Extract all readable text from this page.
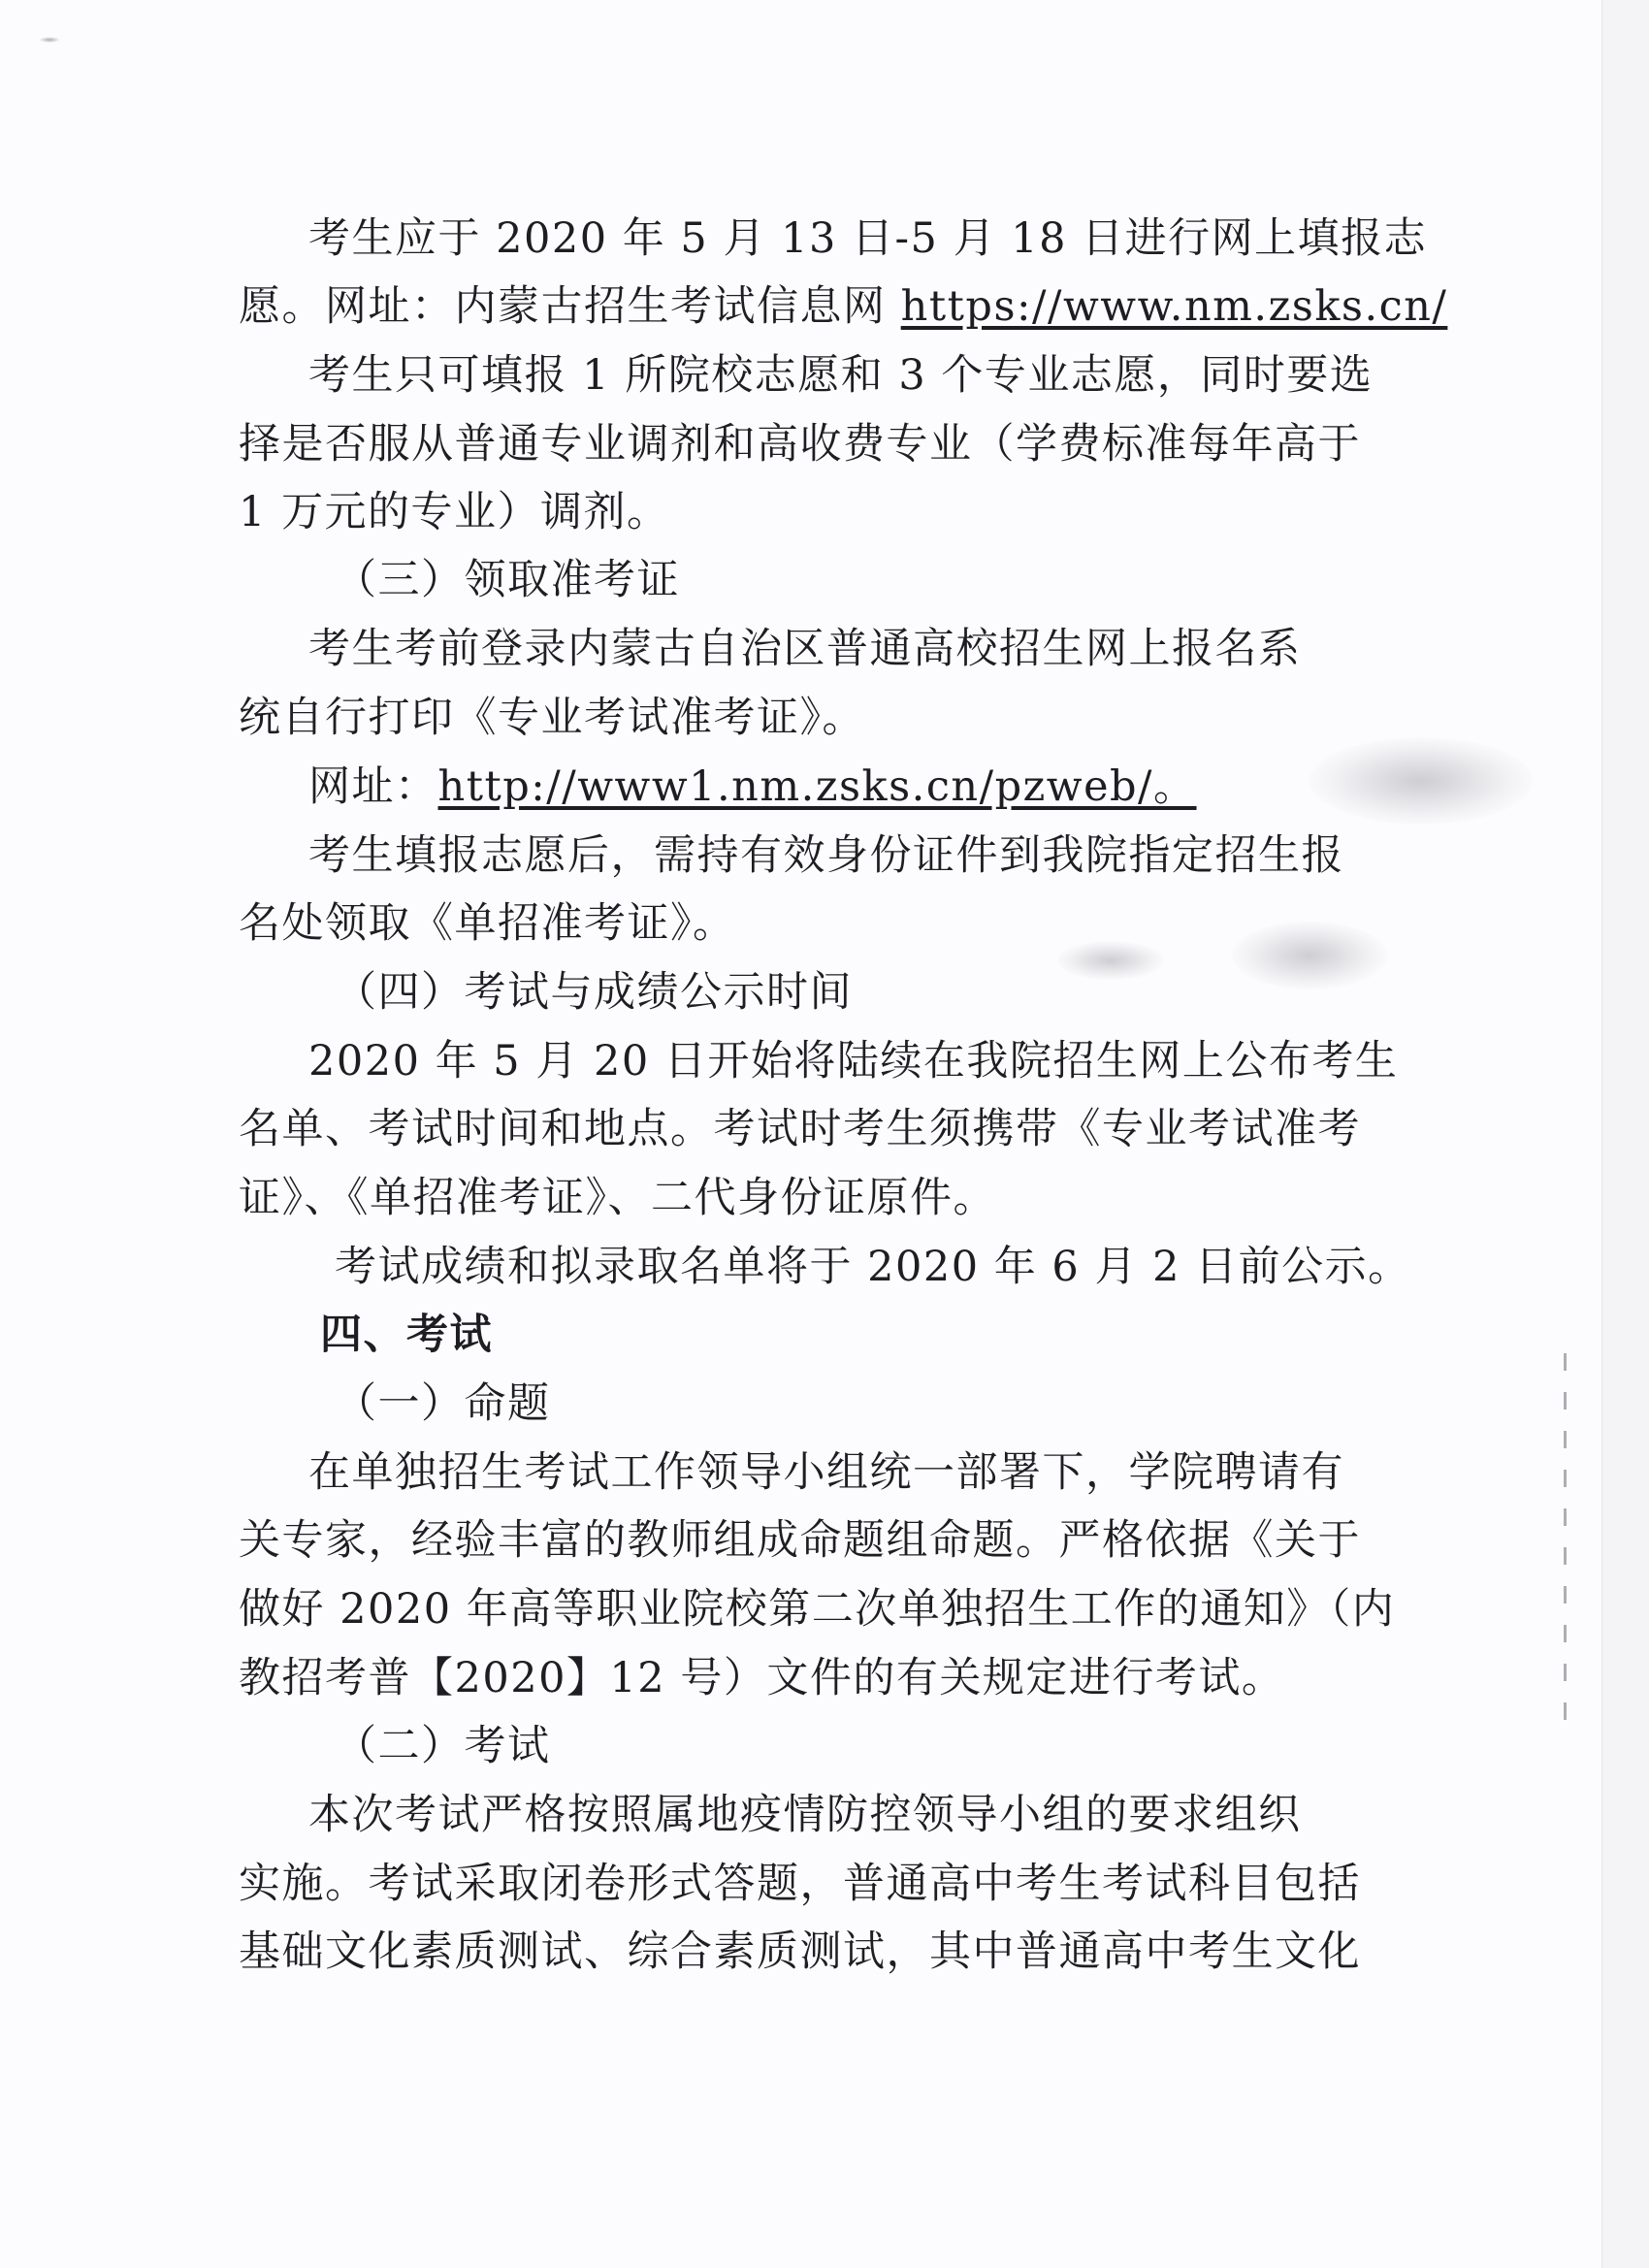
考生应于 2020 年 5 月 13 日-5 月 18 日进行网上填报志
愿。网址：内蒙古招生考试信息网 https://www.nm.zsks.cn/
考生只可填报 1 所院校志愿和 3 个专业志愿，同时要选
择是否服从普通专业调剂和高收费专业（学费标准每年高于
1 万元的专业）调剂。
（三）领取准考证
考生考前登录内蒙古自治区普通高校招生网上报名系
统自行打印《专业考试准考证》。
网址：http://www1.nm.zsks.cn/pzweb/。
考生填报志愿后，需持有效身份证件到我院指定招生报
名处领取《单招准考证》。
（四）考试与成绩公示时间
2020 年 5 月 20 日开始将陆续在我院招生网上公布考生
名单、考试时间和地点。考试时考生须携带《专业考试准考
证》、《单招准考证》、二代身份证原件。
考试成绩和拟录取名单将于 2020 年 6 月 2 日前公示。
四、考试
（一）命题
在单独招生考试工作领导小组统一部署下，学院聘请有
关专家，经验丰富的教师组成命题组命题。严格依据《关于
做好 2020 年高等职业院校第二次单独招生工作的通知》（内
教招考普【2020】12 号）文件的有关规定进行考试。
（二）考试
本次考试严格按照属地疫情防控领导小组的要求组织
实施。考试采取闭卷形式答题，普通高中考生考试科目包括
基础文化素质测试、综合素质测试，其中普通高中考生文化
